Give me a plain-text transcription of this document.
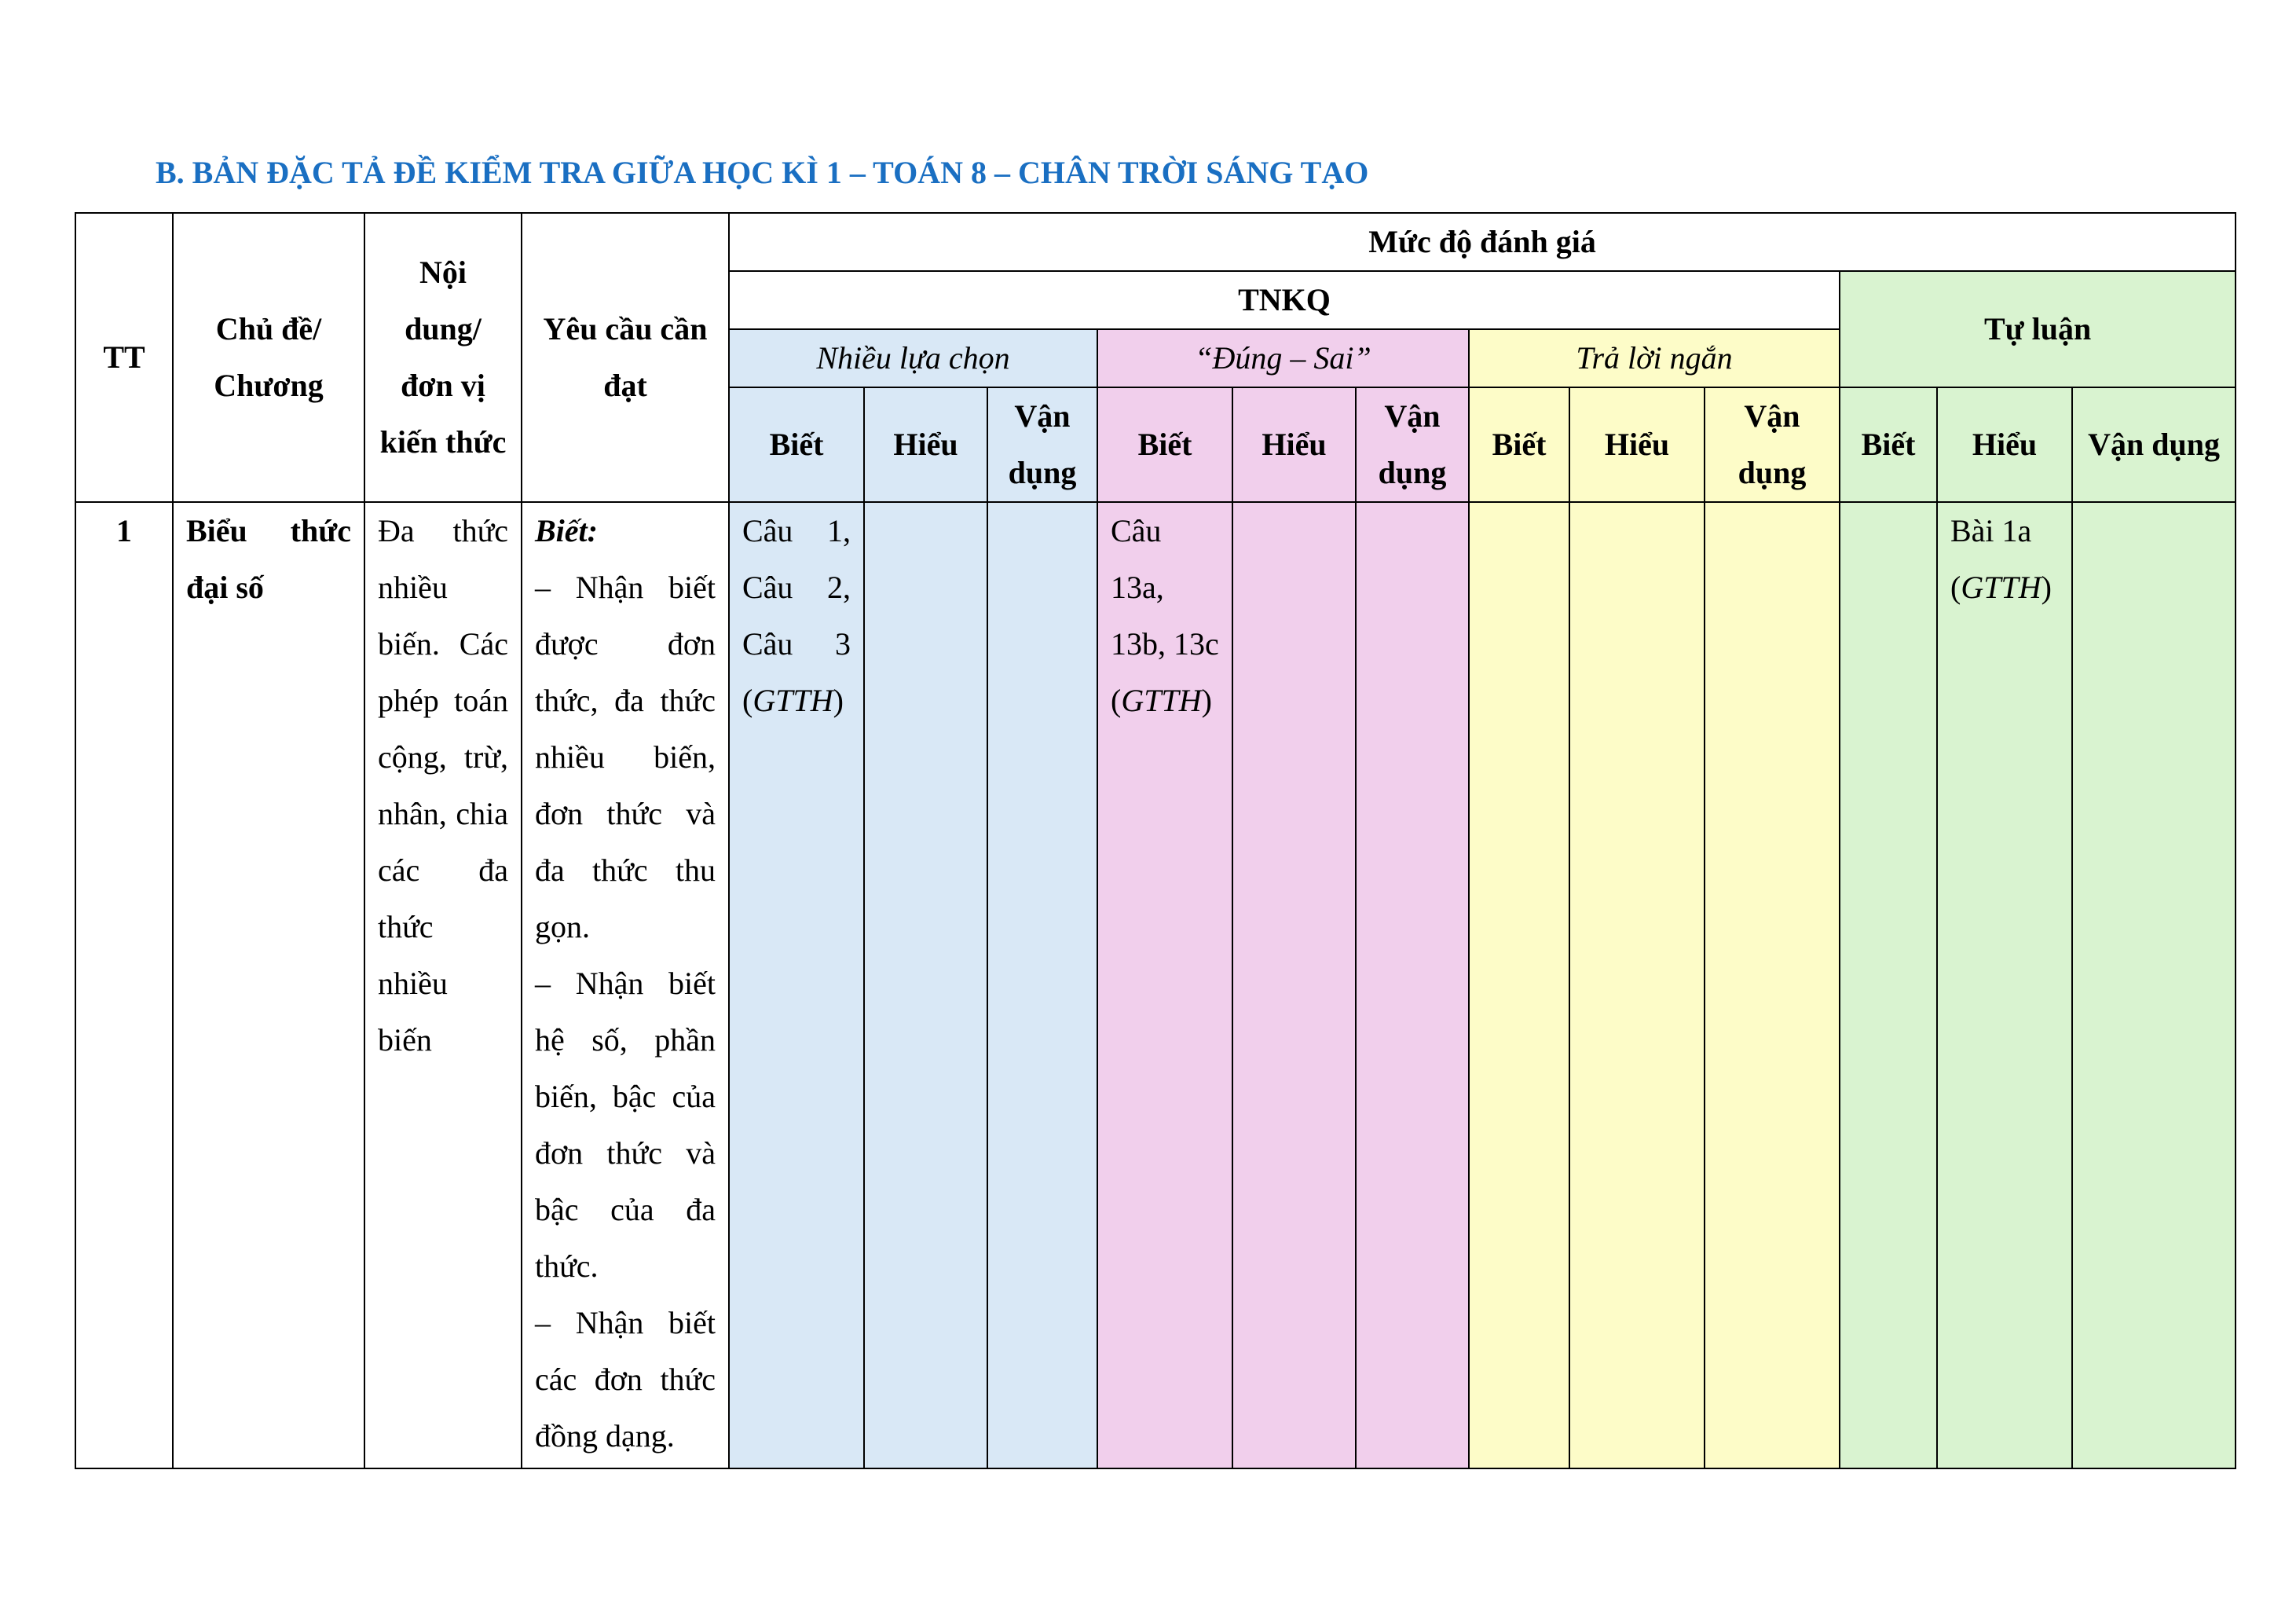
B. BẢN ĐẶC TẢ ĐỀ KIỂM TRA GIỮA HỌC KÌ 1 – TOÁN 8 – CHÂN TRỜI SÁNG TẠO
TT	Chủ đề/ Chương	Nội dung/ đơn vị kiến thức	Yêu cầu cần đạt	Mức độ đánh giá											
				TNKQ									Tự luận		
				Nhiều lựa chọn			“Đúng – Sai”			Trả lời ngắn					
				Biết	Hiểu	Vận dụng	Biết	Hiểu	Vận dụng	Biết	Hiểu	Vận dụng	Biết	Hiểu	Vận dụng
1	Biểu thức đại số	Đa thức nhiều biến. Các phép toán cộng, trừ, nhân, chia các đa thức nhiều biến	Biết:
– Nhận biết được đơn thức, đa thức nhiều biến, đơn thức và đa thức thu gọn.
– Nhận biết hệ số, phần biến, bậc của đơn thức và bậc của đa thức.
– Nhận biết các đơn thức đồng dạng.	Câu 1, Câu 2, Câu 3 (GTTH)			Câu 13a, 13b, 13c (GTTH)							Bài 1a (GTTH)	
